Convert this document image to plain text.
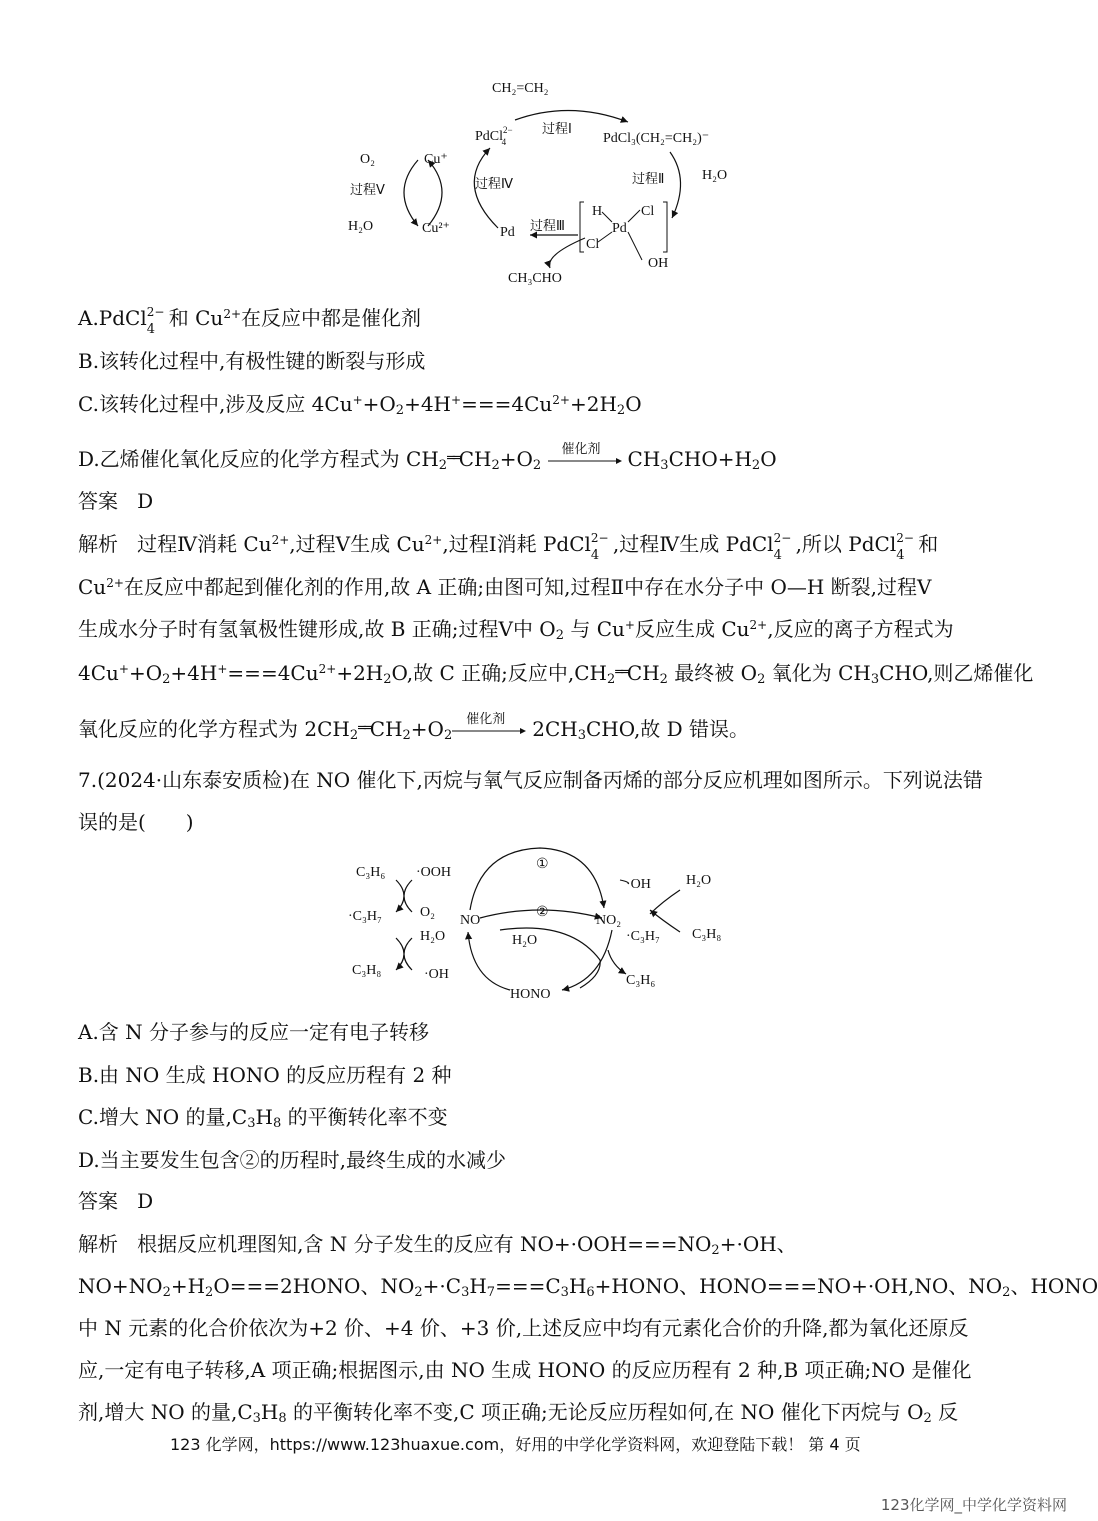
CH₂=CH₂
PdCl$^{2-}$ 4
过程Ⅰ
PdCl₃(CH₂=CH₂)⁻
O₂	Cu⁺
过程Ⅳ	过程Ⅱ	H₂O
过程Ⅴ
H₂O	Cu²⁺	Pd 过程Ⅲ
H
Pd
Cl
Cl
OH
CH₃CHO
A.PdCl 2−
4 和 $Cu^{2+}$在反应中都是催化剂
B.该转化过程中,有极性键的断裂与形成
C.该转化过程中,涉及反应 $4Cu^++O_2+4H^+===4Cu^{2+}+2H_2O$
D.乙烯催化氧化反应的化学方程式为 $CH_2══CH_2+O_2$
催化剂 $CH_3CHO+H_2O$
答案 D
解析   过程Ⅳ消耗 $Cu^{2+}$,过程Ⅴ生成 $Cu^{2+}$,过程Ⅰ消耗 PdCl 2−
4 ,过程Ⅳ生成 PdCl 2−
4 ,所以 PdCl 2−
4 和
$Cu^{2+}$在反应中都起到催化剂的作用,故 A 正确;由图可知,过程Ⅱ中存在水分子中 O—H 断裂,过程Ⅴ
生成水分子时有氢氧极性键形成,故 B 正确;过程Ⅴ中 $O_2$ 与 Cu+反应生成 $Cu^{2+}$,反应的离子方程式为
$4Cu^++O_2+4H^+===4Cu^{2+}+2H_2O$,故 C 正确;反应中$,CH_2══CH_2$ 最终被 $O_2$ 氧化为 $CH_3CHO$,则乙烯催化
氧化反应的化学方程式为 $2CH_2══CH_2+O_2$
催化剂 $2CH_3CHO$,故 D 错误。
7.(2024·山东泰安质检)在 NO 催化下,丙烷与氧气反应制备丙烯的部分反应机理如图所示。下列说法错误的是(　　)
C₃H₆ ·OOH
①
·OH	H₂O
·C₃H₇	O₂	②
NO	NO₂
·C₃H₇ C₃H₈
H₂O	H₂O
C₃H₈	·OH
HONO
C₃H₆
A.含 N 分子参与的反应一定有电子转移
B.由 NO 生成 HONO 的反应历程有 2 种
C.增大 NO 的量$,C_3H_8$ 的平衡转化率不变
D.当主要发生包含②的历程时,最终生成的水减少
答案 D
解析   根据反应机理图知,含 N 分子发生的反应有 $NO+\cdot OOH===NO_2+\cdot OH$、
$NO+NO_2+H_2O===2HONO$、$NO_2+\cdot C_3H_7===C_3H_6+HONO$、HONO===NO+·OH,NO、$NO_2$、HONO
中 N 元素的化合价依次为+2 价、+4 价、+3 价,上述反应中均有元素化合价的升降,都为氧化还原反
应,一定有电子转移,A 项正确;根据图示,由 NO 生成 HONO 的反应历程有 2 种,B 项正确;NO 是催化
剂,增大 NO 的量$,C_3H_8$ 的平衡转化率不变,C 项正确;无论反应历程如何,在 NO 催化下丙烷与 $O_2$ 反
123 化学网，https://www.123huaxue.com，好用的中学化学资料网，欢迎登陆下载！ 第 4 页
123化学网_中学化学资料网
